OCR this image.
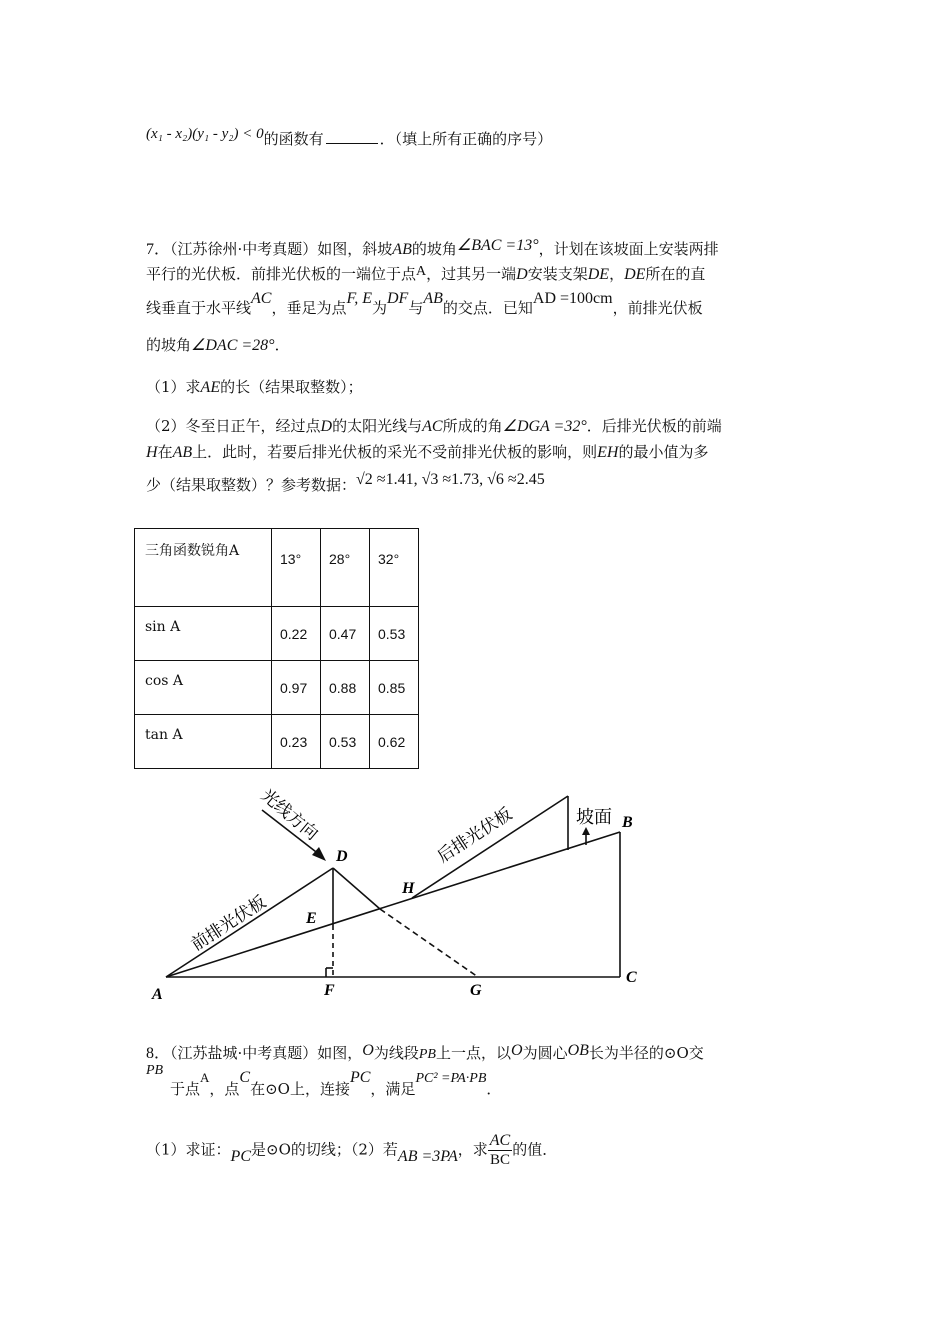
(x₁ - x₂)(y₁ - y₂) < 0的函数有	．（填上所有正确的序号）
7．（江苏徐州·中考真题）如图，斜坡AB的坡角∠BAC =13°，计划在该坡面上安装两排
平行的光伏板．前排光伏板的一端位于点A，过其另一端D安装支架DE，DE所在的直
线垂直于水平线AC，垂足为点F, E为DF与AB的交点．已知AD =100cm，前排光伏板
的坡角∠DAC =28°．
（1）求AE的长（结果取整数）；
（2）冬至日正午，经过点D的太阳光线与AC所成的角∠DGA =32°．后排光伏板的前端
H在AB上．此时，若要后排光伏板的采光不受前排光伏板的影响，则EH的最小值为多
少（结果取整数）？参考数据：√2 ≈1.41, √3 ≈1.73, √6 ≈2.45
三角函数锐角A	13°	28°	32°
sin A	0.22	0.47	0.53
cos A	0.97	0.88	0.85
tan A	0.23	0.53	0.62
光线方向	后排光伏板
前排光伏板
坡面
A
B
C
D
E
F	G
H
8．（江苏盐城·中考真题）如图，O为线段PB上一点，以O为圆心OB长为半径的⊙O交
PB
于点A，点C在⊙O上，连接PC，满足PC² =PA·PB．
（1）求证：PC是⊙O的切线；（2）若AB =3PA，求 $\frac{AC}{BC}$ 的值．
